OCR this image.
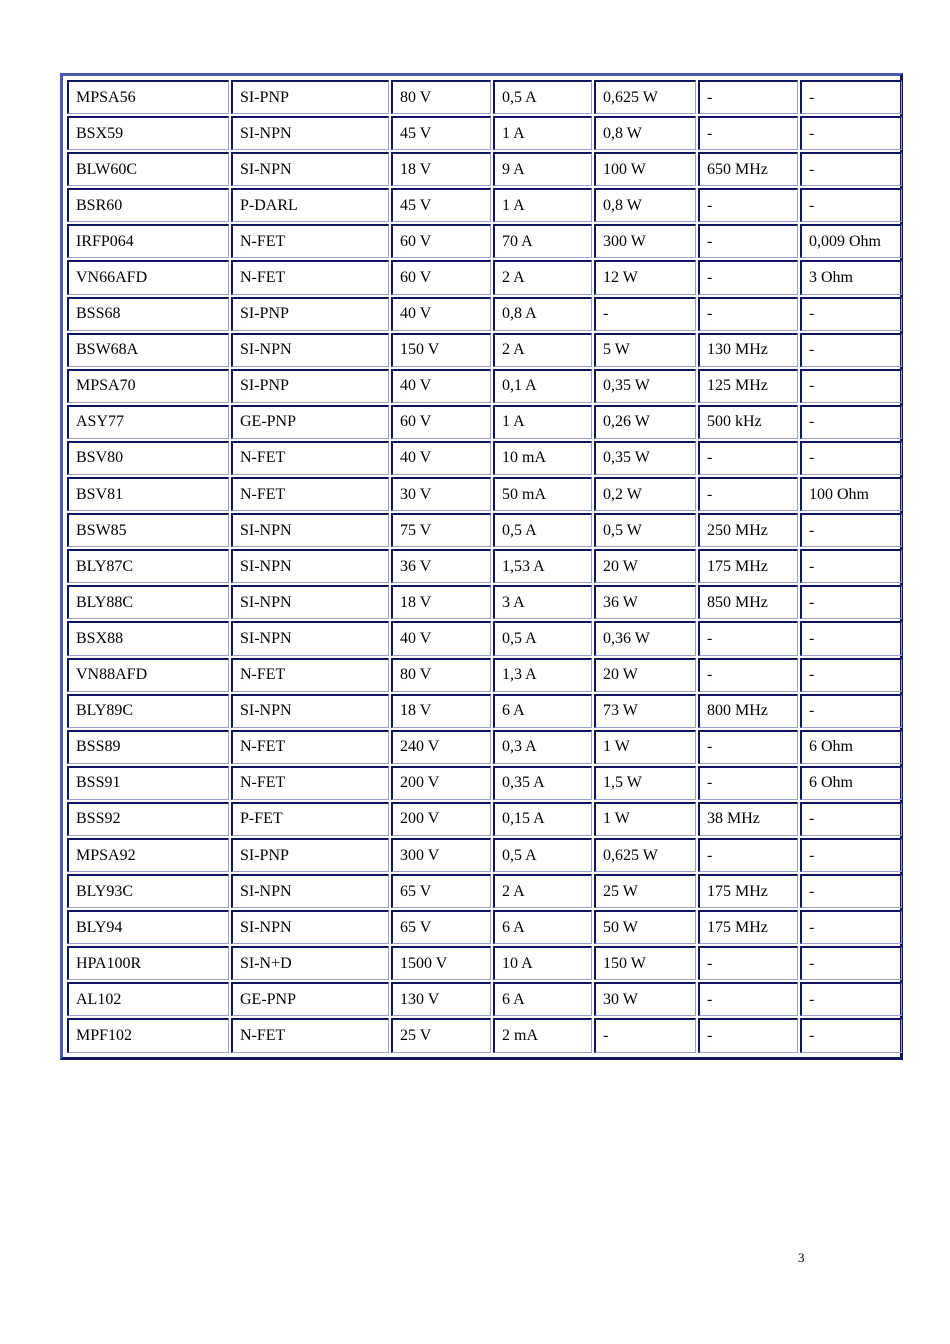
MPSA56	SI-PNP	80 V	0,5 A	0,625 W	-	-
BSX59	SI-NPN	45 V	1 A	0,8 W	-	-
BLW60C	SI-NPN	18 V	9 A	100 W	650 MHz	-
BSR60	P-DARL	45 V	1 A	0,8 W	-	-
IRFP064	N-FET	60 V	70 A	300 W	-	0,009 Ohm
VN66AFD	N-FET	60 V	2 A	12 W	-	3 Ohm
BSS68	SI-PNP	40 V	0,8 A	-	-	-
BSW68A	SI-NPN	150 V	2 A	5 W	130 MHz	-
MPSA70	SI-PNP	40 V	0,1 A	0,35 W	125 MHz	-
ASY77	GE-PNP	60 V	1 A	0,26 W	500 kHz	-
BSV80	N-FET	40 V	10 mA	0,35 W	-	-
BSV81	N-FET	30 V	50 mA	0,2 W	-	100 Ohm
BSW85	SI-NPN	75 V	0,5 A	0,5 W	250 MHz	-
BLY87C	SI-NPN	36 V	1,53 A	20 W	175 MHz	-
BLY88C	SI-NPN	18 V	3 A	36 W	850 MHz	-
BSX88	SI-NPN	40 V	0,5 A	0,36 W	-	-
VN88AFD	N-FET	80 V	1,3 A	20 W	-	-
BLY89C	SI-NPN	18 V	6 A	73 W	800 MHz	-
BSS89	N-FET	240 V	0,3 A	1 W	-	6 Ohm
BSS91	N-FET	200 V	0,35 A	1,5 W	-	6 Ohm
BSS92	P-FET	200 V	0,15 A	1 W	38 MHz	-
MPSA92	SI-PNP	300 V	0,5 A	0,625 W	-	-
BLY93C	SI-NPN	65 V	2 A	25 W	175 MHz	-
BLY94	SI-NPN	65 V	6 A	50 W	175 MHz	-
HPA100R	SI-N+D	1500 V	10 A	150 W	-	-
AL102	GE-PNP	130 V	6 A	30 W	-	-
MPF102	N-FET	25 V	2 mA	-	-	-
3
